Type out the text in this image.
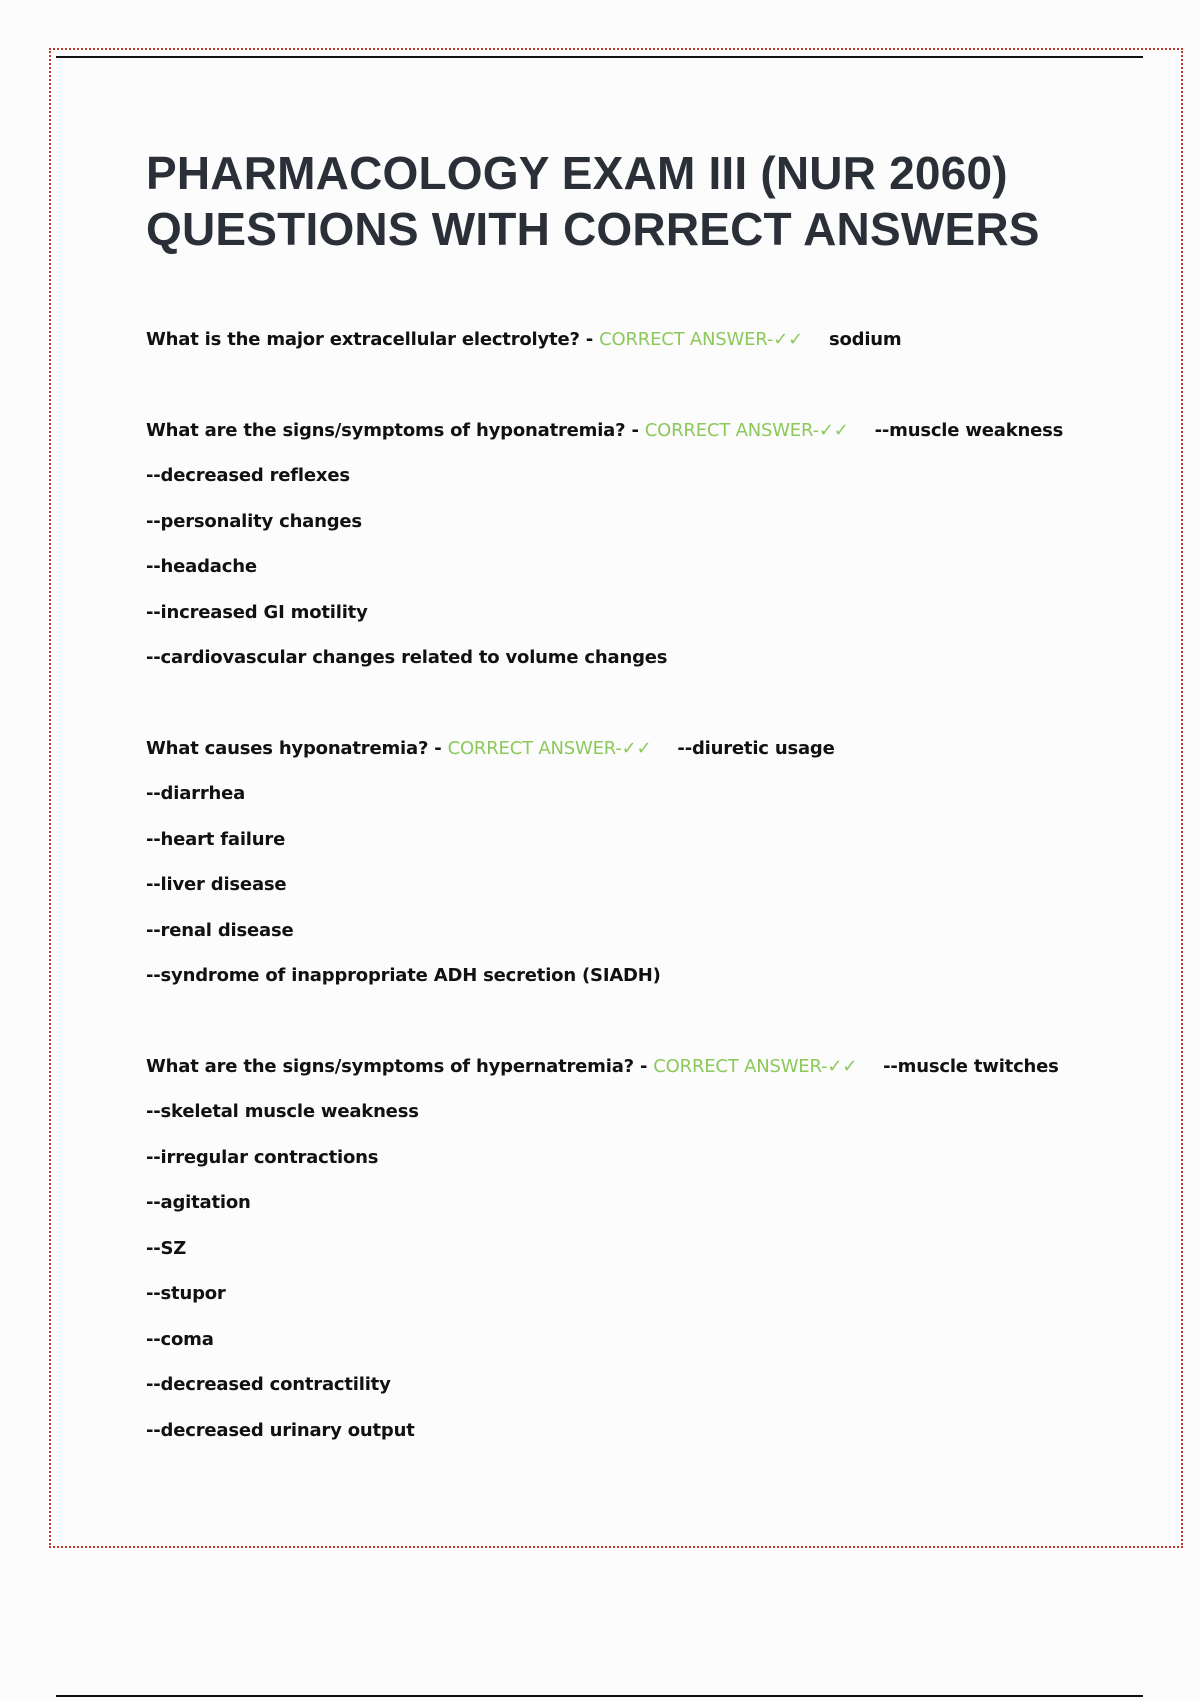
PHARMACOLOGY EXAM III (NUR 2060)
QUESTIONS WITH CORRECT ANSWERS
What is the major extracellular electrolyte? - CORRECT ANSWER-✓✓ sodium
What are the signs/symptoms of hyponatremia? - CORRECT ANSWER-✓✓ --muscle weakness
--decreased reflexes
--personality changes
--headache
--increased GI motility
--cardiovascular changes related to volume changes
What causes hyponatremia? - CORRECT ANSWER-✓✓ --diuretic usage
--diarrhea
--heart failure
--liver disease
--renal disease
--syndrome of inappropriate ADH secretion (SIADH)
What are the signs/symptoms of hypernatremia? - CORRECT ANSWER-✓✓ --muscle twitches
--skeletal muscle weakness
--irregular contractions
--agitation
--SZ
--stupor
--coma
--decreased contractility
--decreased urinary output
